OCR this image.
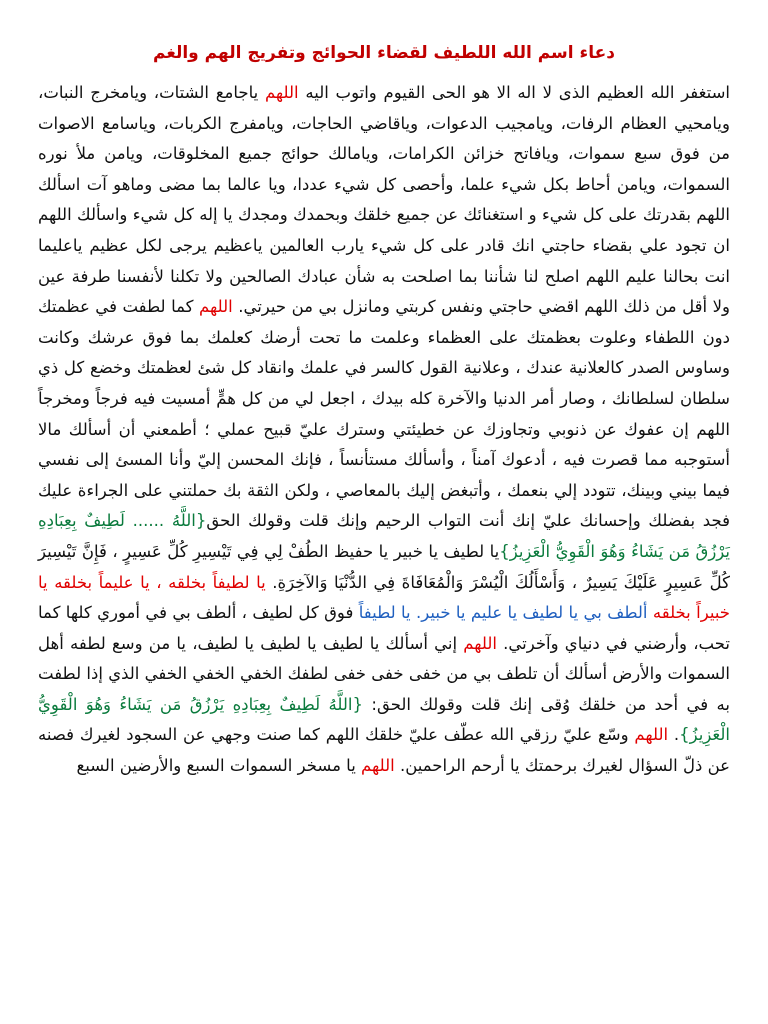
دعاء اسم الله اللطيف لقضاء الحوائج وتفريج الهم والغم

استغفر الله العظيم الذى لا اله الا هو الحى القيوم واتوب اليه اللهم ياجامع الشتات، ويامخرج النبات، ويامحيي العظام الرفات، ويامجيب الدعوات، وياقاضي الحاجات، ويامفرج الكربات، وياسامع الاصوات من فوق سبع سموات، ويافاتح خزائن الكرامات، ويامالك حوائج جميع المخلوقات، ويامن ملأ نوره السموات، ويامن أحاط بكل شيء علما، وأحصى كل شيء عددا، ويا عالما بما مضى وماهو آت اسألك اللهم بقدرتك على كل شيء و استغنائك عن جميع خلقك وبحمدك ومجدك يا إله كل شيء واسألك اللهم ان تجود علي بقضاء حاجتي انك قادر على كل شيء يارب العالمين ياعظيم يرجى لكل عظيم ياعليما انت بحالنا عليم اللهم اصلح لنا شأننا بما اصلحت به شأن عبادك الصالحين ولا تكلنا لأنفسنا طرفة عين ولا أقل من ذلك اللهم اقضي حاجتي ونفس كربتي ومانزل بي من حيرتي. اللهم كما لطفت في عظمتك دون اللطفاء وعلوت بعظمتك على العظماء وعلمت ما تحت أرضك كعلمك بما فوق عرشك وكانت وساوس الصدر كالعلانية عندك ، وعلانية القول كالسر في علمك وانقاد كل شئ لعظمتك وخضع كل ذي سلطان لسلطانك ، وصار أمر الدنيا والآخرة كله بيدك ، اجعل لي من كل همٍّ أمسيت فيه فرجاً ومخرجاً اللهم إن عفوك عن ذنوبي وتجاوزك عن خطيئتي وسترك عليّ قبيح عملي ؛ أطمعني أن أسألك مالا أستوجبه مما قصرت فيه ، أدعوك آمناً ، وأسألك مستأنساً ، فإنك المحسن إليّ وأنا المسئ إلى نفسي فيما بيني وبينك، تتودد إلي بنعمك ، وأتبغض إليك بالمعاصي ، ولكن الثقة بك حملتني على الجراءة عليك فجد بفضلك وإحسانك عليّ إنك أنت التواب الرحيم وإنك قلت وقولك الحق{اللَّهُ ...... لَطِيفٌ بِعِبَادِهِ يَرْزُقُ مَن يَشَاءُ وَهُوَ الْقَوِيُّ الْعَزِيزُ}يا لطيف يا خبير يا حفيظ الطُفْ لِي فِي تَيْسِيرِ كُلِّ عَسِيرٍ ، فَإِنَّ تَيْسِيرَ كُلِّ عَسِيرٍ عَلَيْكَ يَسِيرٌ ، وَأَسْأَلُكَ الْيُسْرَ وَالْمُعَافَاةَ فِي الدُّنْيَا وَالآخِرَةِ. يا لطيفاً بخلقه ، يا عليماً بخلقه يا خبيراً بخلقه ألطف بي يا لطيف يا عليم يا خبير. يا لطيفاً فوق كل لطيف ، ألطف بي في أموري كلها كما تحب، وأرضني في دنياي وآخرتي. اللهم إني أسألك يا لطيف يا لطيف يا لطيف، يا من وسع لطفه أهل السموات والأرض أسألك أن تلطف بي من خفى خفى خفى لطفك الخفي الخفي الخفي الذي إذا لطفت به في أحد من خلقك وُقى إنك قلت وقولك الحق: {اللَّهُ لَطِيفٌ بِعِبَادِهِ يَرْزُقُ مَن يَشَاءُ وَهُوَ الْقَوِيُّ الْعَزِيزُ}. اللهم وسّع عليّ رزقي الله عطّف عليّ خلقك اللهم كما صنت وجهي عن السجود لغيرك فصنه عن ذلّ السؤال لغيرك برحمتك يا أرحم الراحمين. اللهم يا مسخر السموات السبع والأرضين السبع
